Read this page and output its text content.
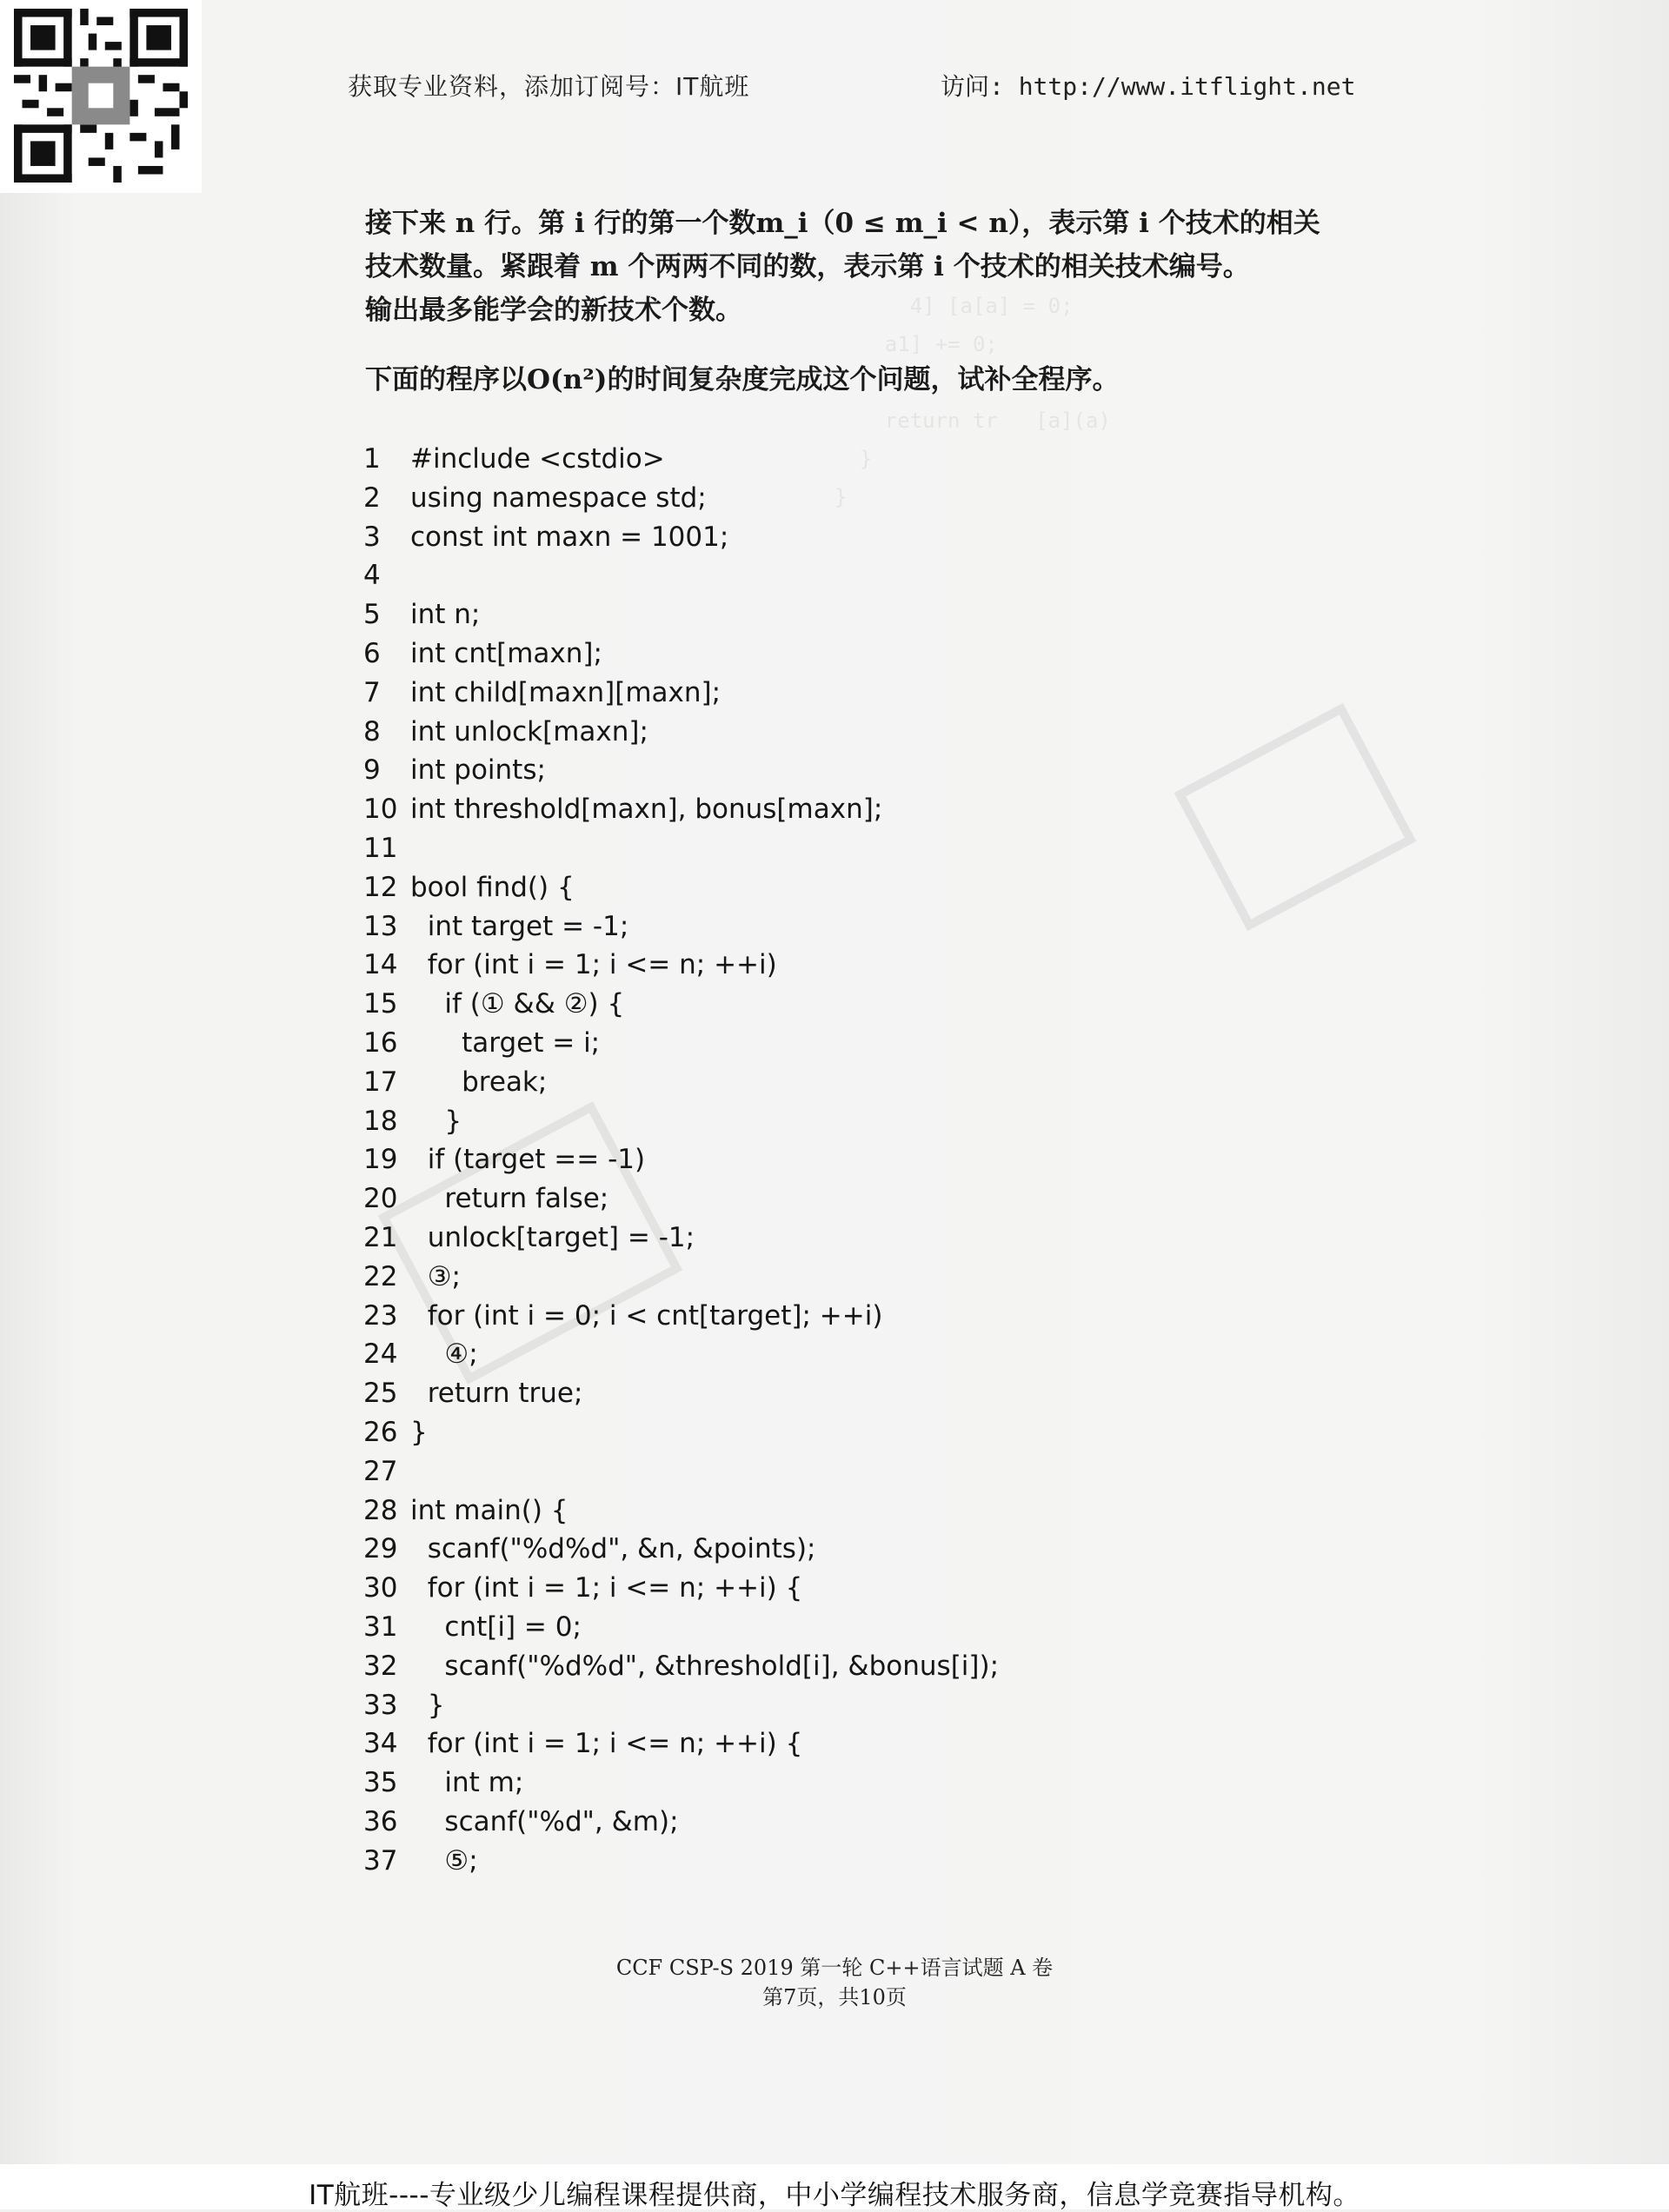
4] [a[a] = 0;
a1] += 0;

return tr   [a](a)
}
}

获取专业资料，添加订阅号：IT航班	访问: http://www.itflight.net
接下来 n 行。第 i 行的第一个数m_i（0 ≤ m_i < n），表示第 i 个技术的相关
技术数量。紧跟着 m 个两两不同的数，表示第 i 个技术的相关技术编号。
输出最多能学会的新技术个数。
下面的程序以O(n²)的时间复杂度完成这个问题，试补全程序。
1 #include <cstdio>
2 using namespace std;
3 const int maxn = 1001;
4
5 int n;
6 int cnt[maxn];
7 int child[maxn][maxn];
8 int unlock[maxn];
9 int points;
10 int threshold[maxn], bonus[maxn];
11
12 bool find() {
13  int target = -1;
14  for (int i = 1; i <= n; ++i)
15    if (① && ②) {
16      target = i;
17      break;
18    }
19  if (target == -1)
20    return false;
21  unlock[target] = -1;
22  ③;
23  for (int i = 0; i < cnt[target]; ++i)
24    ④;
25  return true;
26 }
27
28 int main() {
29  scanf("%d%d", &n, &points);
30  for (int i = 1; i <= n; ++i) {
31    cnt[i] = 0;
32    scanf("%d%d", &threshold[i], &bonus[i]);
33  }
34  for (int i = 1; i <= n; ++i) {
35    int m;
36    scanf("%d", &m);
37    ⑤;
CCF CSP-S 2019 第一轮 C++语言试题 A 卷
第7页，共10页
IT航班----专业级少儿编程课程提供商，中小学编程技术服务商，信息学竞赛指导机构。
